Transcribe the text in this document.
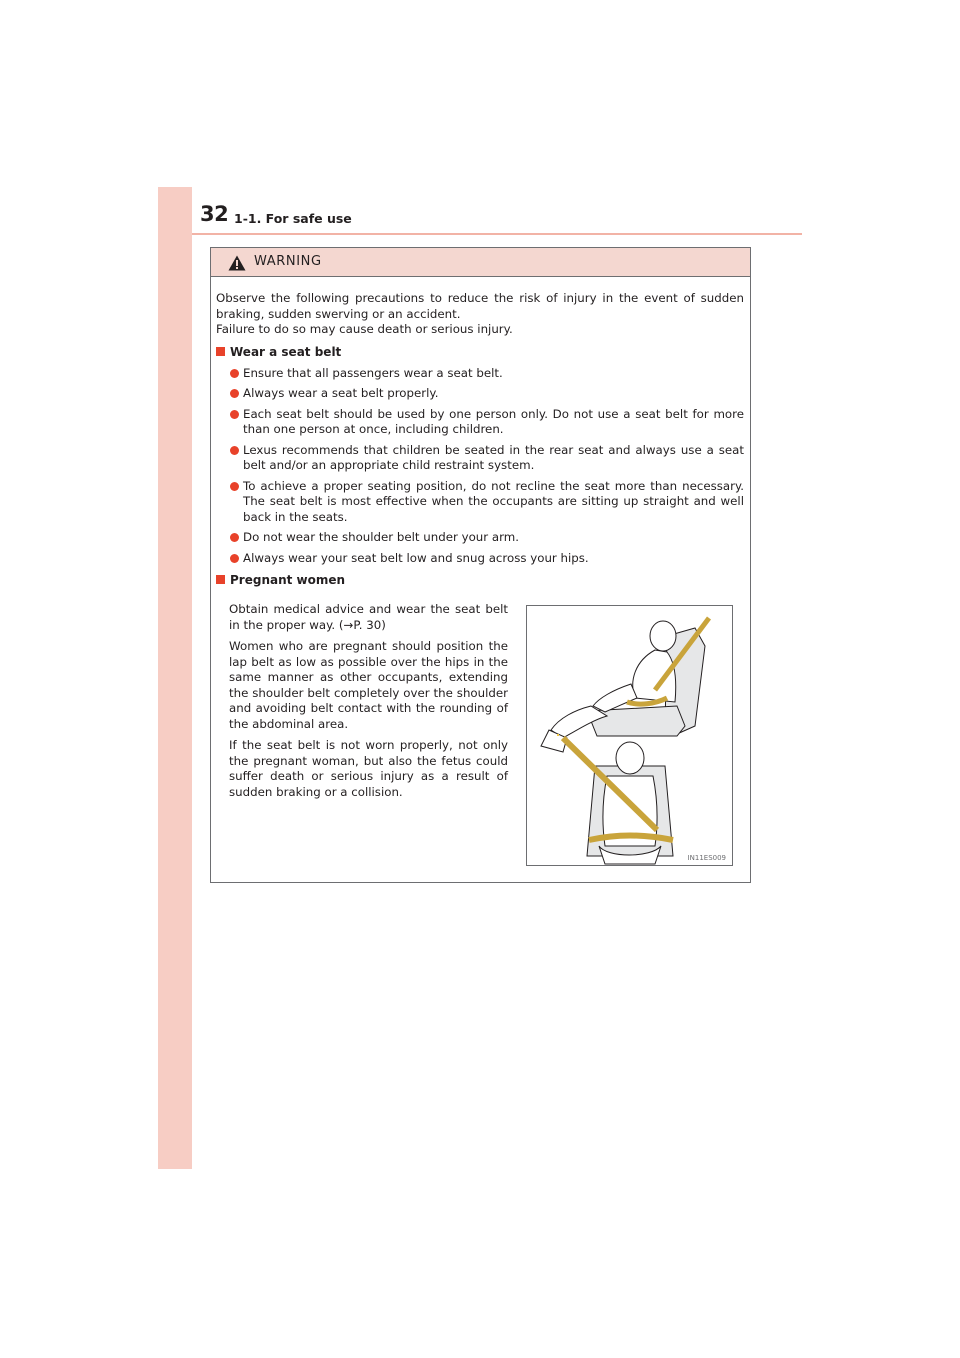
32 1-1. For safe use
WARNING

Observe the following precautions to reduce the risk of injury in the event of sudden

braking, sudden swerving or an accident.

Failure to do so may cause death or serious injury.

Wear a seat belt
Ensure that all passengers wear a seat belt.
Always wear a seat belt properly.
Each seat belt should be used by one person only. Do not use a seat belt for more than one person at once, including children.
Lexus recommends that children be seated in the rear seat and always use a seat belt and/or an appropriate child restraint system.
To achieve a proper seating position, do not recline the seat more than necessary. The seat belt is most effective when the occupants are sitting up straight and well back in the seats.
Do not wear the shoulder belt under your arm.
Always wear your seat belt low and snug across your hips.
Pregnant women

Obtain medical advice and wear the seat belt in the proper way. (→P. 30)

Women who are pregnant should position the lap belt as low as possible over the hips in the same manner as other occupants, extending the shoulder belt completely over the shoulder and avoiding belt contact with the rounding of the abdominal area.

If the seat belt is not worn properly, not only the pregnant woman, but also the fetus could suffer death or serious injury as a result of sudden braking or a collision.

IN11ES009
